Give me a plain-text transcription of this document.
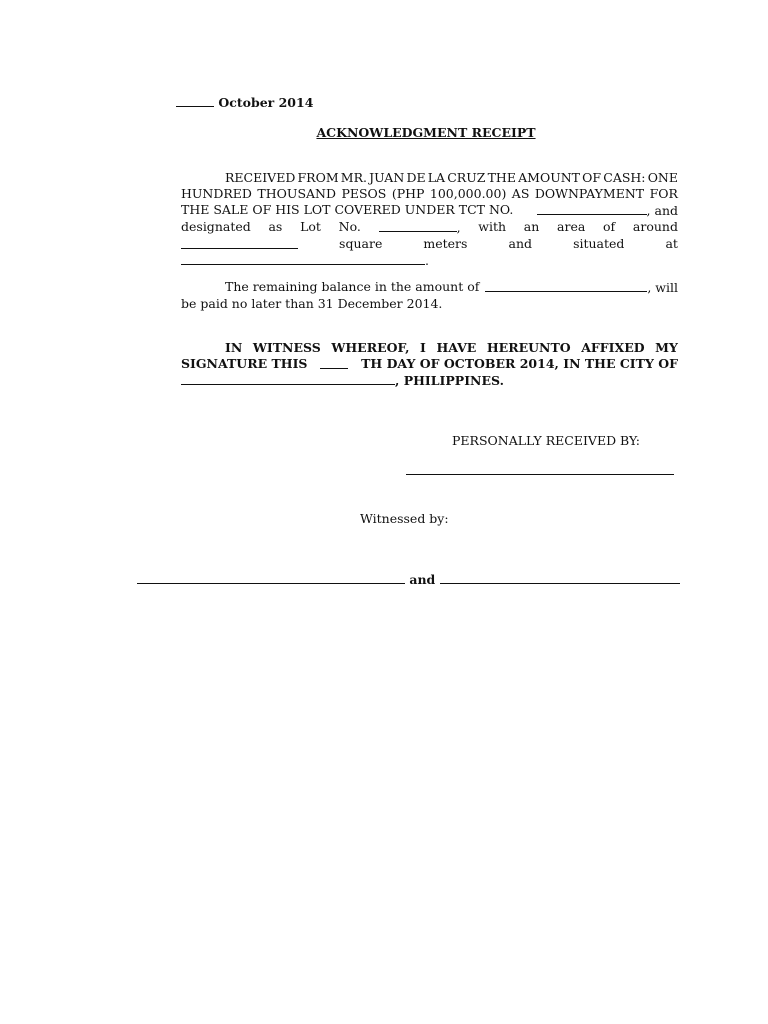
October 2014
ACKNOWLEDGMENT RECEIPT
RECEIVED FROM MR. JUAN DE LA CRUZ THE AMOUNT OF CASH: ONE
HUNDRED THOUSAND PESOS (PHP 100,000.00) AS DOWNPAYMENT FOR
THE SALE OF HIS LOT COVERED UNDER TCT NO.	, and
designated as Lot No.	, with an area of around
square	meters	and	situated	at
.
The remaining balance in the amount of	, will
be paid no later than 31 December 2014.
IN WITNESS WHEREOF, I HAVE HEREUNTO AFFIXED MY
SIGNATURE THIS	TH DAY OF OCTOBER 2014, IN THE CITY OF
, PHILIPPINES.
PERSONALLY RECEIVED BY:
Witnessed by:
and
